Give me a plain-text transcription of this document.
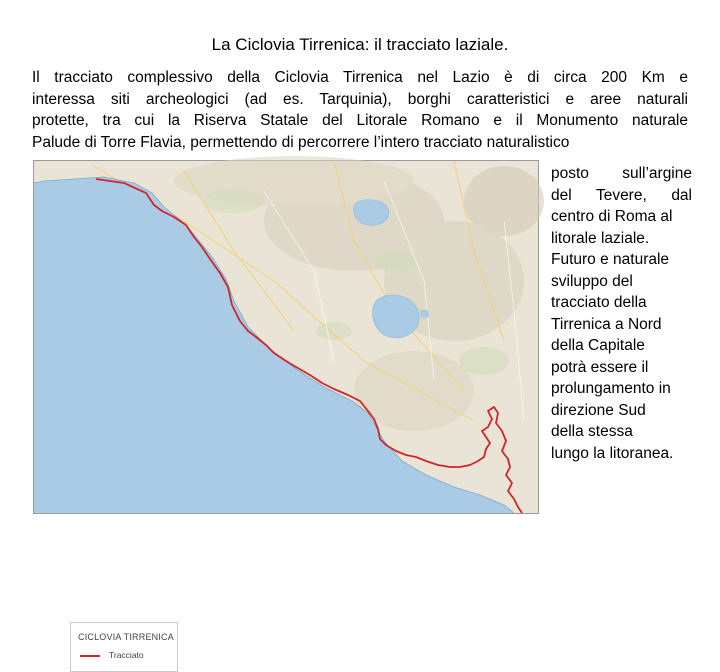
La Ciclovia Tirrenica: il tracciato laziale.
Il tracciato complessivo della Ciclovia Tirrenica nel Lazio è di circa 200 Km e
interessa siti archeologici (ad es. Tarquinia), borghi caratteristici e aree naturali
protette, tra cui la Riserva Statale del Litorale Romano e il Monumento naturale
Palude di Torre Flavia, permettendo di percorrere l’intero tracciato naturalistico
CICLOVIA TIRRENICA
Tracciato
posto sull’argine
del Tevere, dal
centro di Roma al
litorale laziale.
Futuro e naturale
sviluppo del
tracciato della
Tirrenica a Nord
della Capitale
potrà essere il
prolungamento in
direzione Sud
della stessa
lungo la litoranea.
